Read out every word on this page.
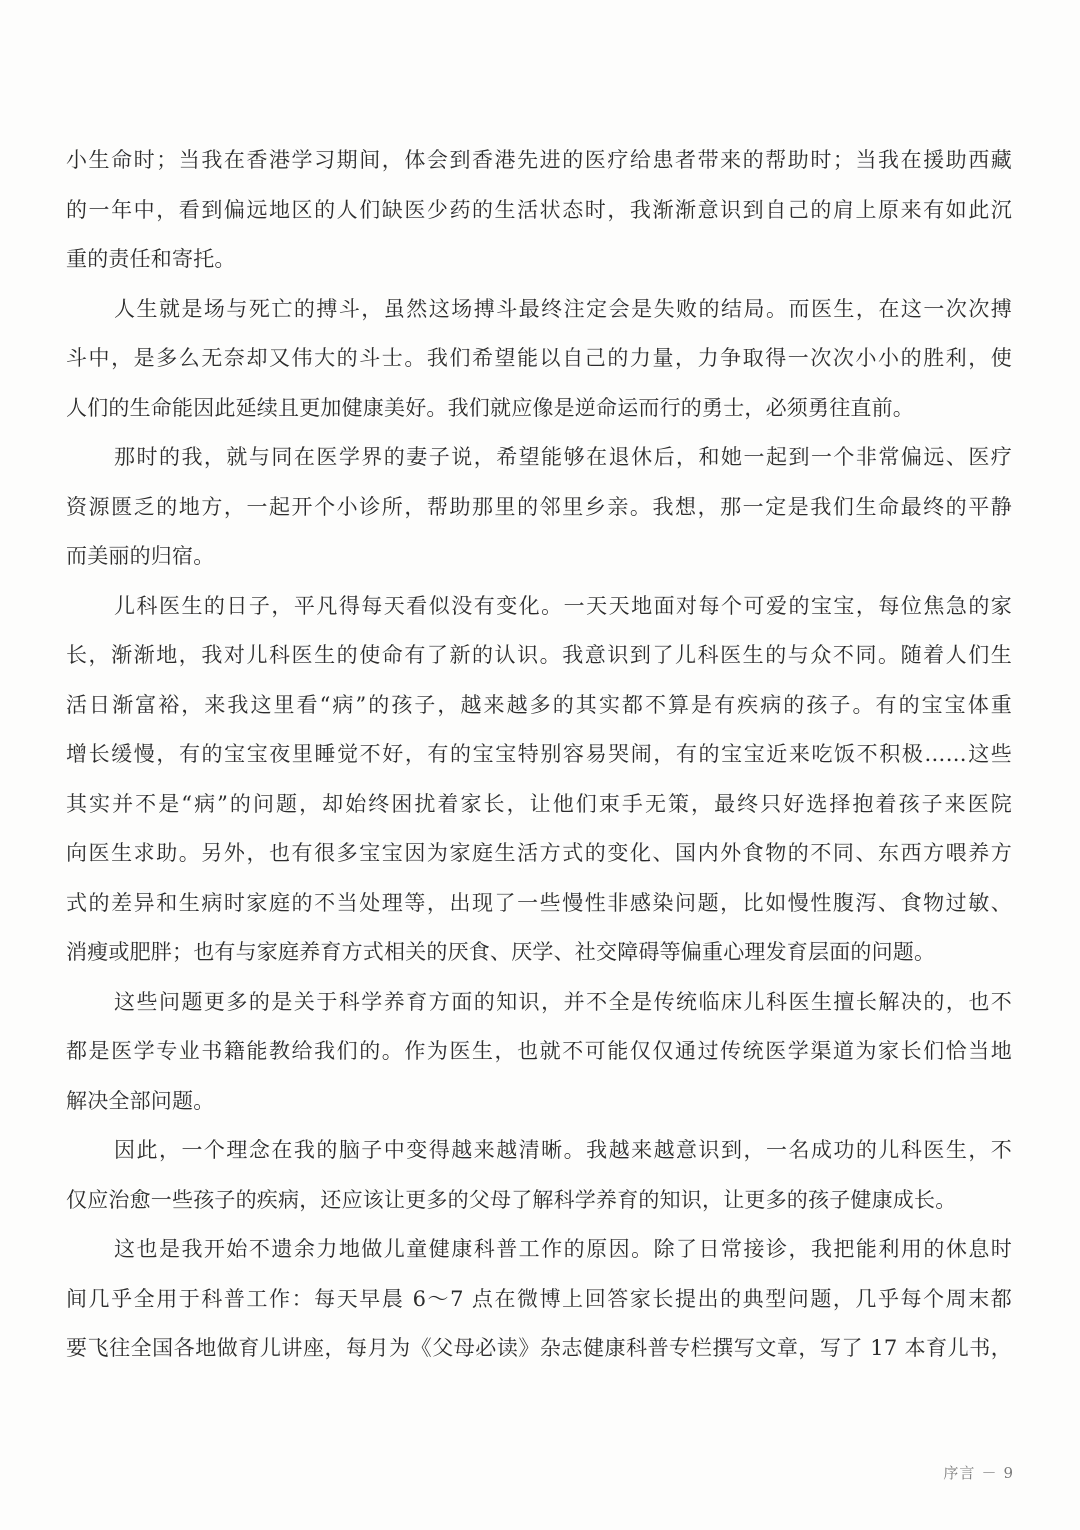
小生命时；当我在香港学习期间，体会到香港先进的医疗给患者带来的帮助时；当我在援助西藏
的一年中，看到偏远地区的人们缺医少药的生活状态时，我渐渐意识到自己的肩上原来有如此沉
重的责任和寄托。
人生就是场与死亡的搏斗，虽然这场搏斗最终注定会是失败的结局。而医生，在这一次次搏
斗中，是多么无奈却又伟大的斗士。我们希望能以自己的力量，力争取得一次次小小的胜利，使
人们的生命能因此延续且更加健康美好。我们就应像是逆命运而行的勇士，必须勇往直前。
那时的我，就与同在医学界的妻子说，希望能够在退休后，和她一起到一个非常偏远、医疗
资源匮乏的地方，一起开个小诊所，帮助那里的邻里乡亲。我想，那一定是我们生命最终的平静
而美丽的归宿。
儿科医生的日子，平凡得每天看似没有变化。一天天地面对每个可爱的宝宝，每位焦急的家
长，渐渐地，我对儿科医生的使命有了新的认识。我意识到了儿科医生的与众不同。随着人们生
活日渐富裕，来我这里看“病”的孩子，越来越多的其实都不算是有疾病的孩子。有的宝宝体重
增长缓慢，有的宝宝夜里睡觉不好，有的宝宝特别容易哭闹，有的宝宝近来吃饭不积极……这些
其实并不是“病”的问题，却始终困扰着家长，让他们束手无策，最终只好选择抱着孩子来医院
向医生求助。另外，也有很多宝宝因为家庭生活方式的变化、国内外食物的不同、东西方喂养方
式的差异和生病时家庭的不当处理等，出现了一些慢性非感染问题，比如慢性腹泻、食物过敏、
消瘦或肥胖；也有与家庭养育方式相关的厌食、厌学、社交障碍等偏重心理发育层面的问题。
这些问题更多的是关于科学养育方面的知识，并不全是传统临床儿科医生擅长解决的，也不
都是医学专业书籍能教给我们的。作为医生，也就不可能仅仅通过传统医学渠道为家长们恰当地
解决全部问题。
因此，一个理念在我的脑子中变得越来越清晰。我越来越意识到，一名成功的儿科医生，不
仅应治愈一些孩子的疾病，还应该让更多的父母了解科学养育的知识，让更多的孩子健康成长。
这也是我开始不遗余力地做儿童健康科普工作的原因。除了日常接诊，我把能利用的休息时
间几乎全用于科普工作：每天早晨 6～7 点在微博上回答家长提出的典型问题，几乎每个周末都
要飞往全国各地做育儿讲座，每月为《父母必读》杂志健康科普专栏撰写文章，写了 17 本育儿书，
序言 － 9
